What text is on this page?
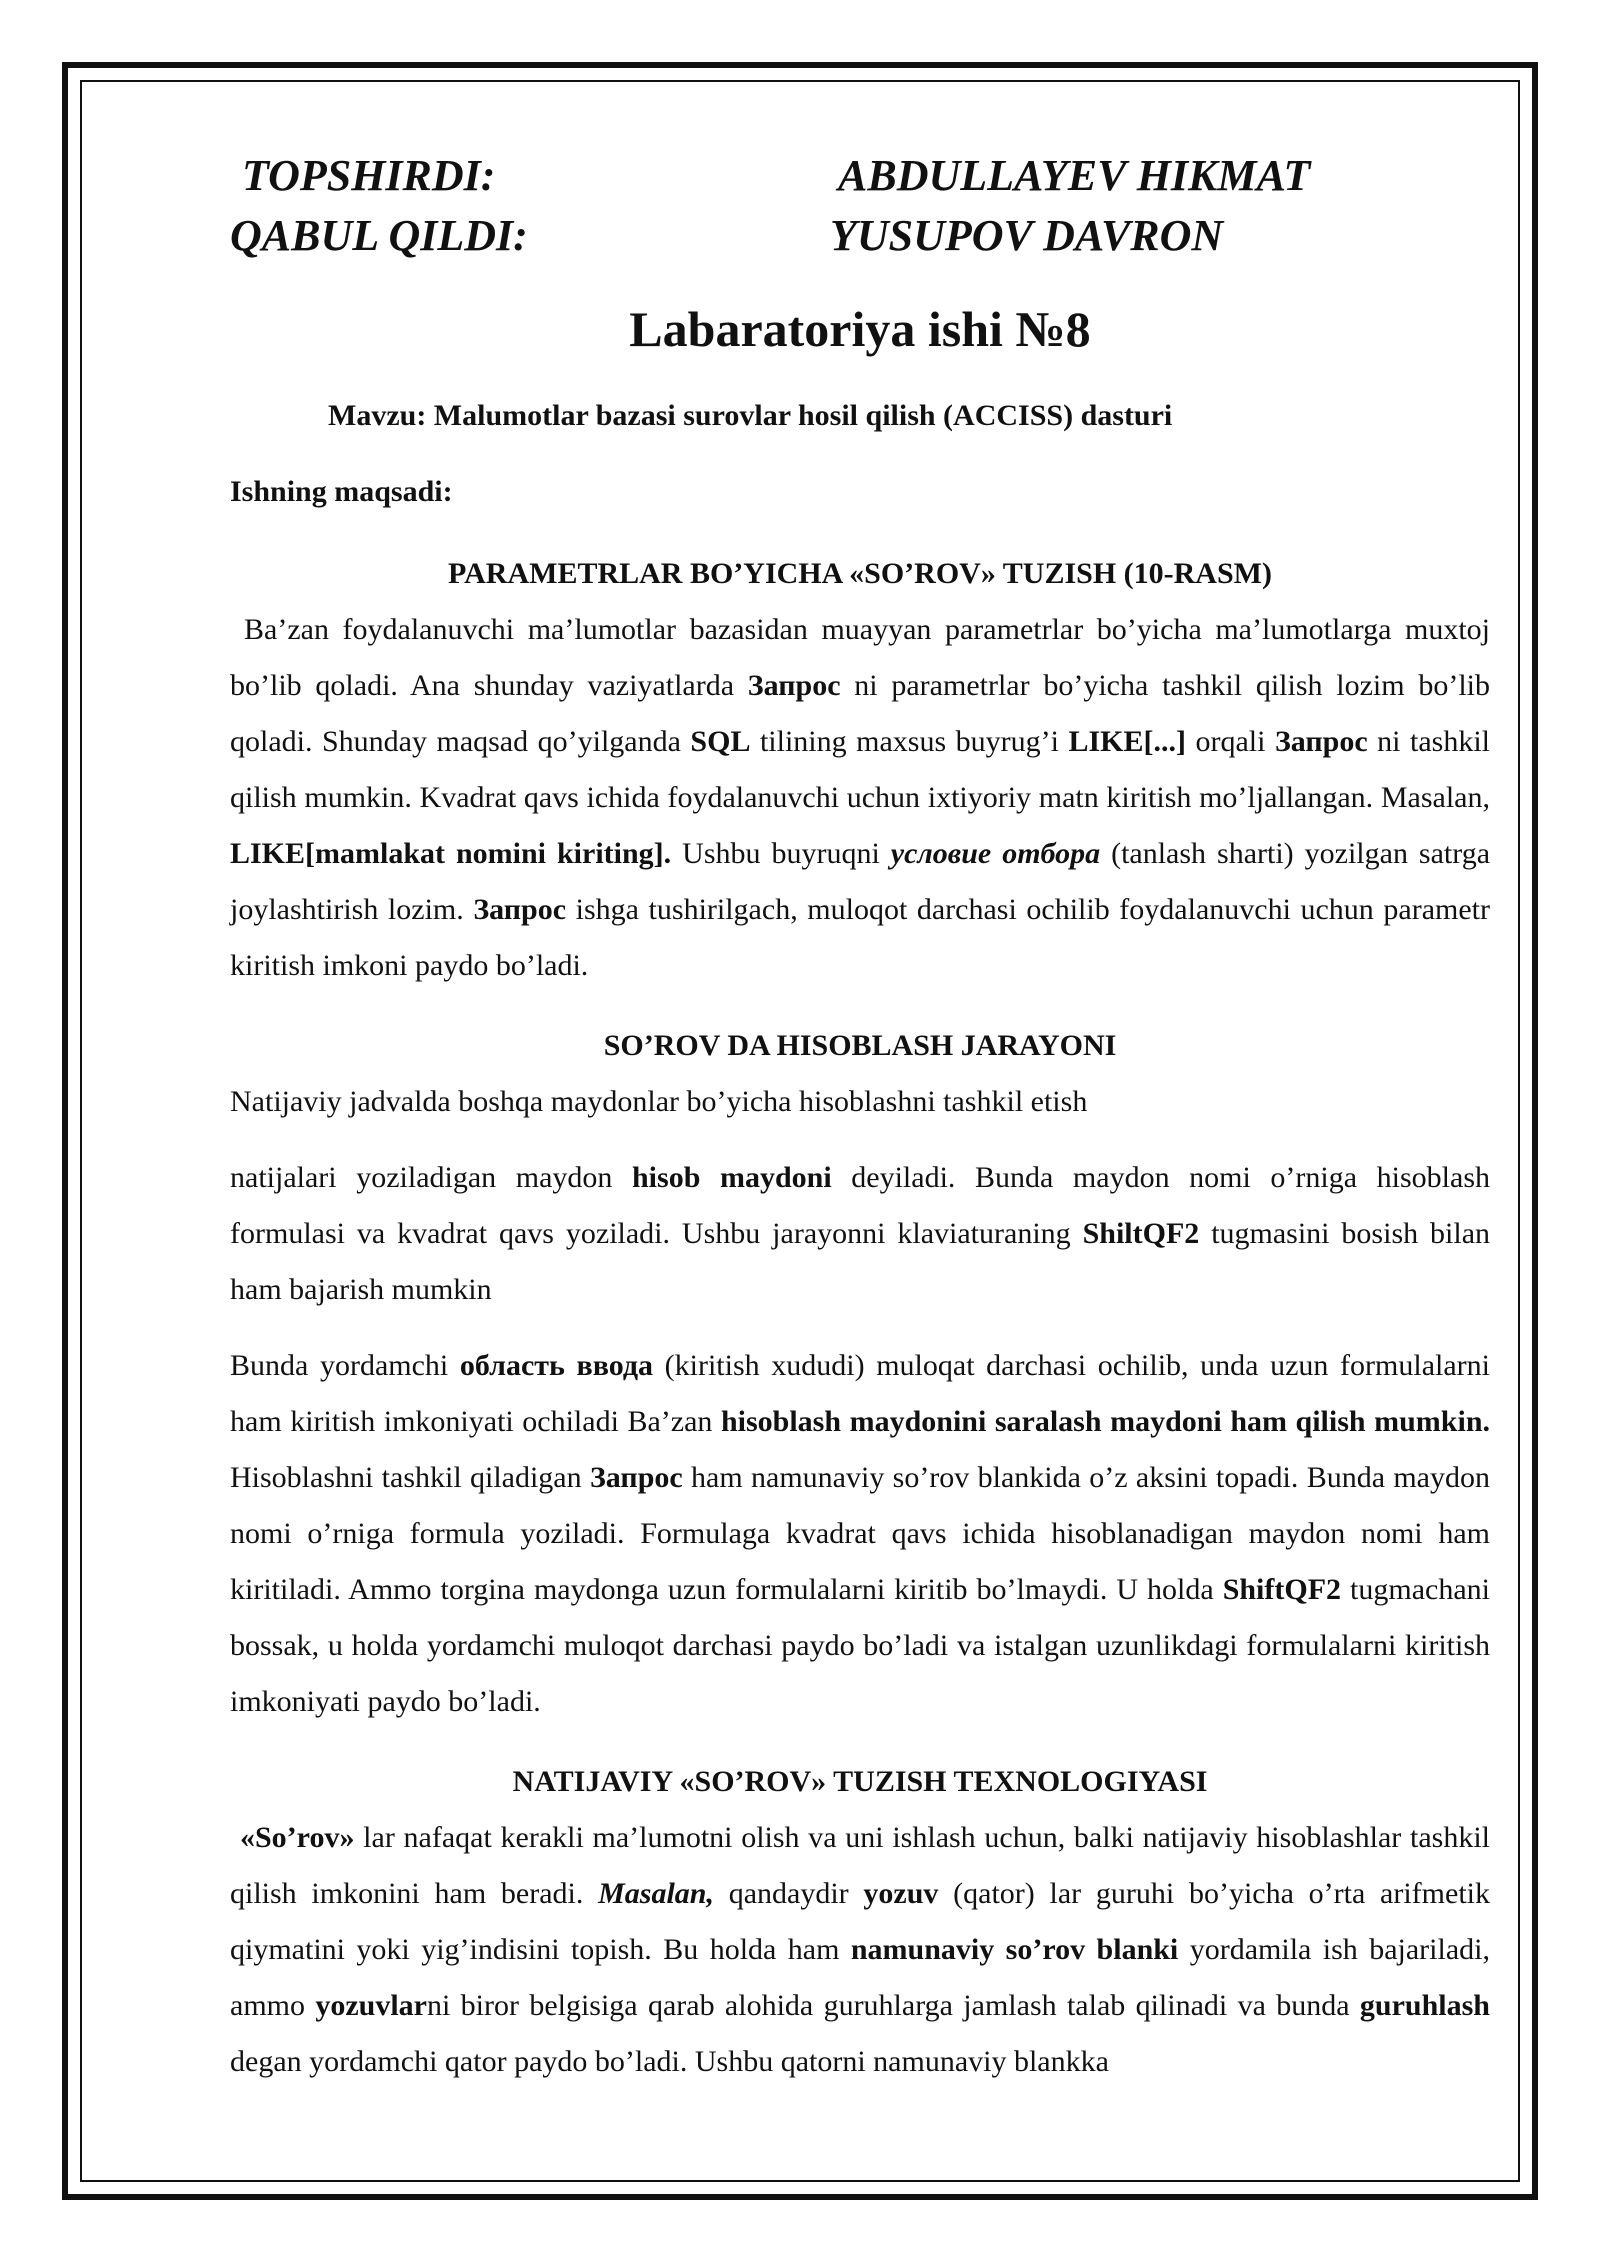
TOPSHIRDI:	ABDULLAYEV HIKMAT
QABUL QILDI:	YUSUPOV DAVRON
Labaratoriya ishi №8
Mavzu: Malumotlar bazasi surovlar hosil qilish (ACCISS) dasturi
Ishning maqsadi:
PARAMETRLAR BO’YICHA «SO’ROV» TUZISH (10-RASM)

Ba’zan foydalanuvchi ma’lumotlar bazasidan muayyan parametrlar bo’yicha ma’lumotlarga muxtoj bo’lib qoladi. Ana shunday vaziyatlarda Запрос ni parametrlar bo’yicha tashkil qilish lozim bo’lib qoladi. Shunday maqsad qo’yilganda SQL tilining maxsus buyrug’i LIKE[...] orqali Запрос ni tashkil qilish mumkin. Kvadrat qavs ichida foydalanuvchi uchun ixtiyoriy matn kiritish mo’ljallangan. Masalan, LIKE[mamlakat nomini kiriting]. Ushbu buyruqni условие отбора (tanlash sharti) yozilgan satrga joylashtirish lozim. Запрос ishga tushirilgach, muloqot darchasi ochilib foydalanuvchi uchun parametr kiritish imkoni paydo bo’ladi.

SO’ROV DA HISOBLASH JARAYONI

Natijaviy jadvalda boshqa maydonlar bo’yicha hisoblashni tashkil etish

natijalari yoziladigan maydon hisob maydoni deyiladi. Bunda maydon nomi o’rniga hisoblash formulasi va kvadrat qavs yoziladi. Ushbu jarayonni klaviaturaning ShiltQF2 tugmasini bosish bilan ham bajarish mumkin

Bunda yordamchi область ввода (kiritish xududi) muloqat darchasi ochilib, unda uzun formulalarni ham kiritish imkoniyati ochiladi Ba’zan hisoblash maydonini saralash maydoni ham qilish mumkin. Hisoblashni tashkil qiladigan Запрос ham namunaviy so’rov blankida o’z aksini topadi. Bunda maydon nomi o’rniga formula yoziladi. Formulaga kvadrat qavs ichida hisoblanadigan maydon nomi ham kiritiladi. Ammo torgina maydonga uzun formulalarni kiritib bo’lmaydi. U holda ShiftQF2 tugmachani bossak, u holda yordamchi muloqot darchasi paydo bo’ladi va istalgan uzunlikdagi formulalarni kiritish imkoniyati paydo bo’ladi.

NATIJAVIY «SO’ROV» TUZISH TEXNOLOGIYASI

«So’rov» lar nafaqat kerakli ma’lumotni olish va uni ishlash uchun, balki natijaviy hisoblashlar tashkil qilish imkonini ham beradi. Masalan, qandaydir yozuv (qator) lar guruhi bo’yicha o’rta arifmetik qiymatini yoki yig’indisini topish. Bu holda ham namunaviy so’rov blanki yordamila ish bajariladi, ammo yozuvlarni biror belgisiga qarab alohida guruhlarga jamlash talab qilinadi va bunda guruhlash degan yordamchi qator paydo bo’ladi. Ushbu qatorni namunaviy blankka
